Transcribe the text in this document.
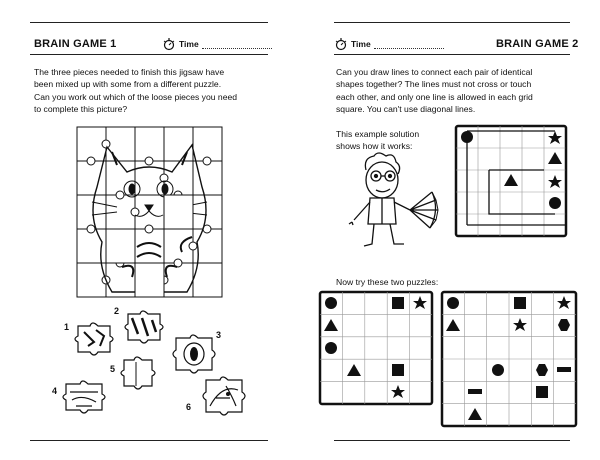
BRAIN GAME 1	Time
The three pieces needed to finish this jigsaw have
been mixed up with some from a different puzzle.
Can you work out which of the loose pieces you need
to complete this picture?
1
2
3
4
5
6
Time	BRAIN GAME 2
Can you draw lines to connect each pair of identical
shapes together? The lines must not cross or touch
each other, and only one line is allowed in each grid
square. You can't use diagonal lines.
This example solution
shows how it works:
Now try these two puzzles:
